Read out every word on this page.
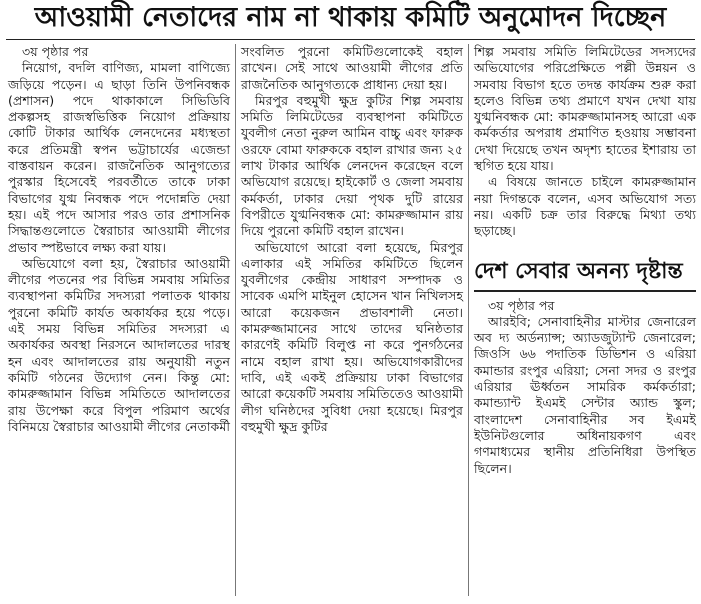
আওয়ামী নেতাদের নাম না থাকায় কমিটি অনুমোদন দিচ্ছেন

৩য় পৃষ্ঠার পর

নিয়োগ, বদলি বাণিজ্য, মামলা বাণিজ্যে জড়িয়ে পড়েন। এ ছাড়া তিনি উপনিবন্ধক (প্রশাসন) পদে থাকাকালে সিভিডিবি প্রকল্পসহ রাজস্বভিত্তিক নিয়োগ প্রক্রিয়ায় কোটি টাকার আর্থিক লেনদেনের মধ্যস্থতা করে প্রতিমন্ত্রী স্বপন ভট্টাচার্যের এজেন্ডা বাস্তবায়ন করেন। রাজনৈতিক আনুগত্যের পুরস্কার হিসেবেই পরবর্তীতে তাকে ঢাকা বিভাগের যুগ্ম নিবন্ধক পদে পদোন্নতি দেয়া হয়। এই পদে আসার পরও তার প্রশাসনিক সিদ্ধান্তগুলোতে স্বৈরাচার আওয়ামী লীগের প্রভাব স্পষ্টভাবে লক্ষ্য করা যায়।

অভিযোগে বলা হয়, স্বৈরাচার আওয়ামী লীগের পতনের পর বিভিন্ন সমবায় সমিতির ব্যবস্থাপনা কমিটির সদস্যরা পলাতক থাকায় পুরনো কমিটি কার্যত অকার্যকর হয়ে পড়ে। এই সময় বিভিন্ন সমিতির সদস্যরা এ অকার্যকর অবস্থা নিরসনে আদালতের দারস্থ হন এবং আদালতের রায় অনুযায়ী নতুন কমিটি গঠনের উদ্যোগ নেন। কিন্তু মো: কামরুজ্জামান বিভিন্ন সমিতিতে আদালতের রায় উপেক্ষা করে বিপুল পরিমাণ অর্থের বিনিময়ে স্বৈরাচার আওয়ামী লীগের নেতাকর্মী

সংবলিত পুরনো কমিটিগুলোকেই বহাল রাখেন। সেই সাথে আওয়ামী লীগের প্রতি রাজনৈতিক আনুগত্যকে প্রাধান্য দেয়া হয়।

মিরপুর বহুমুখী ক্ষুদ্র কুটির শিল্প সমবায় সমিতি লিমিটেডের ব্যবস্থাপনা কমিটিতে যুবলীগ নেতা নুরুল আমিন বাচ্চু এবং ফারুক ওরফে বোমা ফারুককে বহাল রাখার জন্য ২৫ লাখ টাকার আর্থিক লেনদেন করেছেন বলে অভিযোগ রয়েছে। হাইকোর্ট ও জেলা সমবায় কর্মকর্তা, ঢাকার দেয়া পৃথক দুটি রায়ের বিপরীতে যুগ্মনিবন্ধক মো: কামরুজ্জামান রায় দিয়ে পুরনো কমিটি বহাল রাখেন।

অভিযোগে আরো বলা হয়েছে, মিরপুর এলাকার এই সমিতির কমিটিতে ছিলেন যুবলীগের কেন্দ্রীয় সাধারণ সম্পাদক ও সাবেক এমপি মাইনুল হোসেন খান নিখিলসহ আরো কয়েকজন প্রভাবশালী নেতা। কামরুজ্জামানের সাথে তাদের ঘনিষ্ঠতার কারণেই কমিটি বিলুপ্ত না করে পুনর্গঠনের নামে বহাল রাখা হয়। অভিযোগকারীদের দাবি, এই একই প্রক্রিয়ায় ঢাকা বিভাগের আরো কয়েকটি সমবায় সমিতিতেও আওয়ামী লীগ ঘনিষ্ঠদের সুবিধা দেয়া হয়েছে। মিরপুর বহুমুখী ক্ষুদ্র কুটির

শিল্প সমবায় সমিতি লিমিটেডের সদস্যদের অভিযোগের পরিপ্রেক্ষিতে পল্লী উন্নয়ন ও সমবায় বিভাগ হতে তদন্ত কার্যক্রম শুরু করা হলেও বিভিন্ন তথ্য প্রমাণে যখন দেখা যায় যুগ্মনিবন্ধক মো: কামরুজ্জামানসহ আরো এক কর্মকর্তার অপরাধ প্রমাণিত হওয়ায় সম্ভাবনা দেখা দিয়েছে তখন অদৃশ্য হাতের ইশারায় তা স্থগিত হয়ে যায়।

এ বিষয়ে জানতে চাইলে কামরুজ্জামান নয়া দিগন্তকে বলেন, এসব অভিযোগ সত্য নয়। একটি চক্র তার বিরুদ্ধে মিথ্যা তথ্য ছড়াচ্ছে।

দেশ সেবার অনন্য দৃষ্টান্ত

৩য় পৃষ্ঠার পর

আরইবি; সেনাবাহিনীর মাস্টার জেনারেল অব দ্য অর্ডন্যান্স; অ্যাডজুট্যান্ট জেনারেল; জিওসি ৬৬ পদাতিক ডিভিশন ও এরিয়া কমান্ডার রংপুর এরিয়া; সেনা সদর ও রংপুর এরিয়ার ঊর্ধ্বতন সামরিক কর্মকর্তারা; কমান্ড্যান্ট ইএমই সেন্টার অ্যান্ড স্কুল; বাংলাদেশ সেনাবাহিনীর সব ইএমই ইউনিটগুলোর অধিনায়কগণ এবং গণমাধ্যমের স্থানীয় প্রতিনিধিরা উপস্থিত ছিলেন।
